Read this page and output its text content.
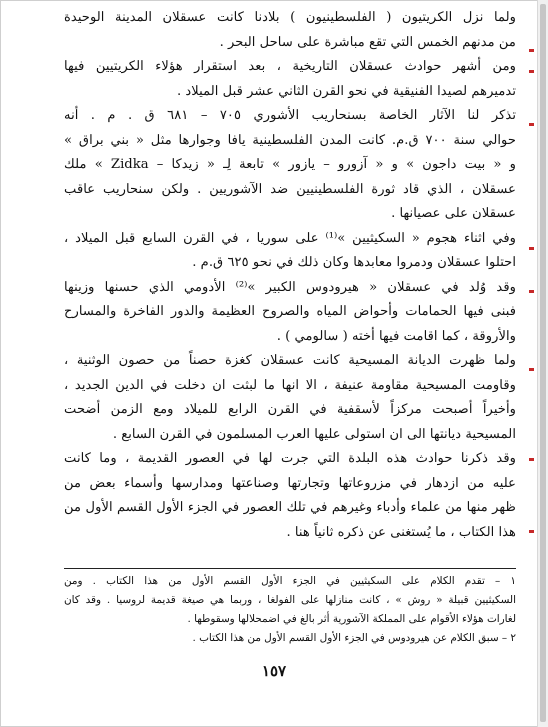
ولما نزل الكريتيون ( الفلسطينيون ) بلادنا كانت عسقلان المدينة الوحيدة
من مدنهم الخمس التي تقع مباشرة على ساحل البحر .
ومن أشهر حوادث عسقلان التاريخية ، بعد استقرار هؤلاء الكريتيين فيها
تدميرهم لصيدا الفنيقية في نحو القرن الثاني عشر قبل الميلاد .
تذكر لنا الآثار الخاصة بسنحاريب الأشوري ٧٠٥ – ٦٨١ ق . م . أنه
حوالي سنة ٧٠٠ ق.م. كانت المدن الفلسطينية يافا وجوارها مثل « بني براق »
و « بيت داجون » و « آزورو – يازور » تابعة لِـ « زيدكا – Zidka » ملك
عسقلان ، الذي قاد ثورة الفلسطينيين ضد الآشوريين . ولكن سنحاريب عاقب
عسقلان على عصيانها .
وفي اثناء هجوم « السكيثيين »⁽¹⁾ على سوريا ، في القرن السابع قبل الميلاد ،
احتلوا عسقلان ودمروا معابدها وكان ذلك في نحو ٦٢٥ ق.م .
وقد وُلد في عسقلان « هيرودوس الكبير »⁽²⁾ الأدومي الذي حسنها وزينها
فبنى فيها الحمامات وأحواض المياه والصروح العظيمة والدور الفاخرة والمسارح
والأروقة ، كما اقامت فيها أخته ( سالومي ) .
ولما ظهرت الديانة المسيحية كانت عسقلان كغزة حصناً من حصون الوثنية ،
وقاومت المسيحية مقاومة عنيفة ، الا انها ما لبثت ان دخلت في الدين الجديد ،
وأخيراً أصبحت مركزاً لأسقفية في القرن الرابع للميلاد ومع الزمن أضحت
المسيحية ديانتها الى ان استولى عليها العرب المسلمون في القرن السابع .
وقد ذكرنا حوادث هذه البلدة التي جرت لها في العصور القديمة ، وما كانت
عليه من ازدهار في مزروعاتها وتجارتها وصناعتها ومدارسها وأسماء بعض من
ظهر منها من علماء وأدباء وغيرهم في تلك العصور في الجزء الأول القسم الأول من
هذا الكتاب ، ما يُستغنى عن ذكره ثانياً هنا .
١ – تقدم الكلام على السكيثيين في الجزء الأول القسم الأول من هذا الكتاب . ومن
السكيثيين قبيلة « روش » ، كانت منازلها على الفولغا ، وربما هي صيغة قديمة لروسيا . وقد كان
لغارات هؤلاء الأقوام على المملكة الآشورية أثر بالغ في اضمحلالها وسقوطها .
٢ – سبق الكلام عن هيرودوس في الجزء الأول القسم الأول من هذا الكتاب .
١٥٧
